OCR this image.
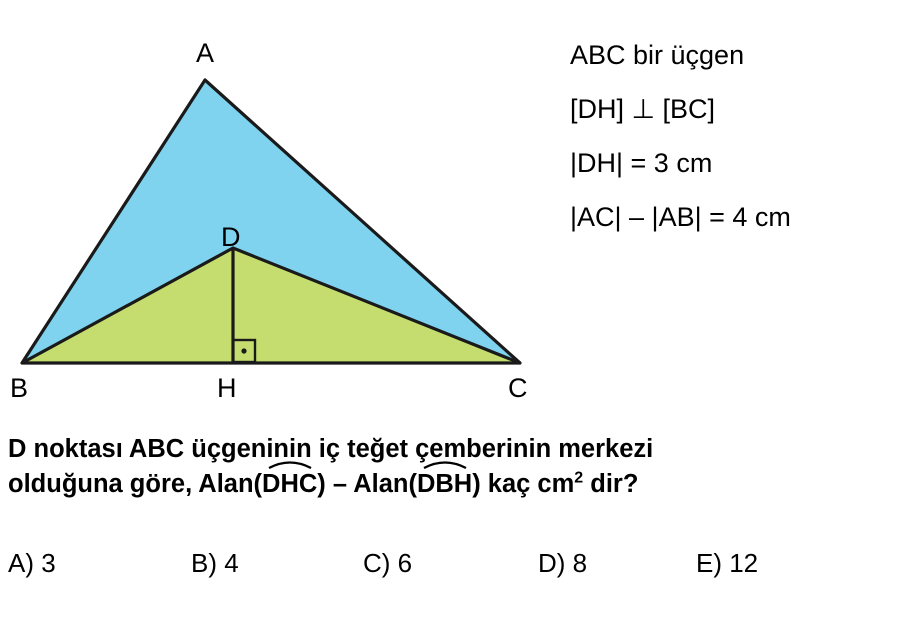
A
B	C
D
H
ABC bir üçgen
[DH] ⊥ [BC]
|DH| = 3 cm
|AC| – |AB| = 4 cm
D noktası ABC üçgeninin iç teğet çemberinin merkezi
olduğuna göre, Alan(
DHC) – Alan(
DBH) kaç $cm^2$ dir?
A) 3	B) 4	C) 6	D) 8	E) 12
